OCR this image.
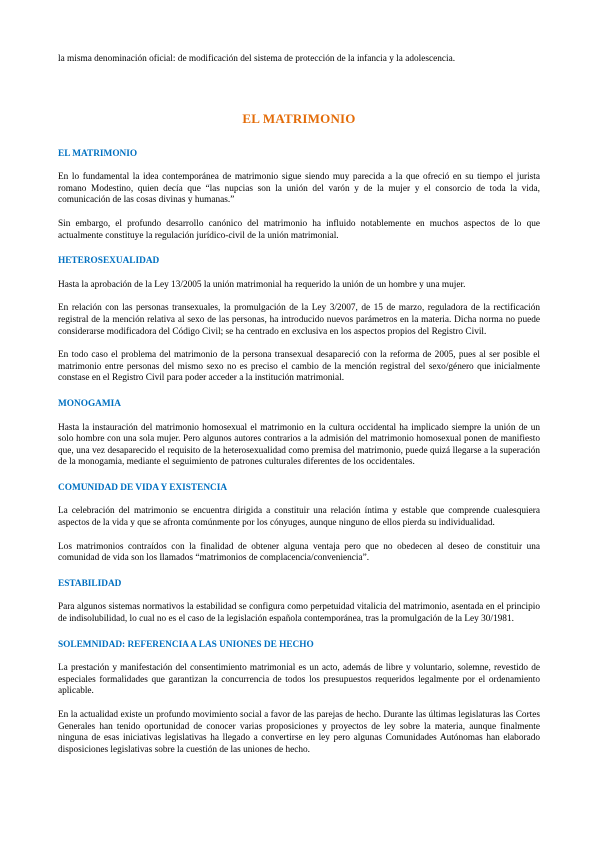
la misma denominación oficial: de modificación del sistema de protección de la infancia y la adolescencia.

EL MATRIMONIO
EL MATRIMONIO

En lo fundamental la idea contemporánea de matrimonio sigue siendo muy parecida a la que ofreció en su tiempo el jurista romano Modestino, quien decía que “las nupcias son la unión del varón y de la mujer y el consorcio de toda la vida, comunicación de las cosas divinas y humanas.”

Sin embargo, el profundo desarrollo canónico del matrimonio ha influido notablemente en muchos aspectos de lo que actualmente constituye la regulación jurídico-civil de la unión matrimonial.

HETEROSEXUALIDAD

Hasta la aprobación de la Ley 13/2005 la unión matrimonial ha requerido la unión de un hombre y una mujer.

En relación con las personas transexuales, la promulgación de la Ley 3/2007, de 15 de marzo, reguladora de la rectificación registral de la mención relativa al sexo de las personas, ha introducido nuevos parámetros en la materia. Dicha norma no puede considerarse modificadora del Código Civil; se ha centrado en exclusiva en los aspectos propios del Registro Civil.

En todo caso el problema del matrimonio de la persona transexual desapareció con la reforma de 2005, pues al ser posible el matrimonio entre personas del mismo sexo no es preciso el cambio de la mención registral del sexo/género que inicialmente constase en el Registro Civil para poder acceder a la institución matrimonial.

MONOGAMIA

Hasta la instauración del matrimonio homosexual el matrimonio en la cultura occidental ha implicado siempre la unión de un solo hombre con una sola mujer. Pero algunos autores contrarios a la admisión del matrimonio homosexual ponen de manifiesto que, una vez desaparecido el requisito de la heterosexualidad como premisa del matrimonio, puede quizá llegarse a la superación de la monogamia, mediante el seguimiento de patrones culturales diferentes de los occidentales.

COMUNIDAD DE VIDA Y EXISTENCIA

La celebración del matrimonio se encuentra dirigida a constituir una relación íntima y estable que comprende cualesquiera aspectos de la vida y que se afronta comúnmente por los cónyuges, aunque ninguno de ellos pierda su individualidad.

Los matrimonios contraídos con la finalidad de obtener alguna ventaja pero que no obedecen al deseo de constituir una comunidad de vida son los llamados “matrimonios de complacencia/conveniencia”.

ESTABILIDAD

Para algunos sistemas normativos la estabilidad se configura como perpetuidad vitalicia del matrimonio, asentada en el principio de indisolubilidad, lo cual no es el caso de la legislación española contemporánea, tras la promulgación de la Ley 30/1981.

SOLEMNIDAD: REFERENCIA A LAS UNIONES DE HECHO

La prestación y manifestación del consentimiento matrimonial es un acto, además de libre y voluntario, solemne, revestido de especiales formalidades que garantizan la concurrencia de todos los presupuestos requeridos legalmente por el ordenamiento aplicable.

En la actualidad existe un profundo movimiento social a favor de las parejas de hecho. Durante las últimas legislaturas las Cortes Generales han tenido oportunidad de conocer varias proposiciones y proyectos de ley sobre la materia, aunque finalmente ninguna de esas iniciativas legislativas ha llegado a convertirse en ley pero algunas Comunidades Autónomas han elaborado disposiciones legislativas sobre la cuestión de las uniones de hecho.
